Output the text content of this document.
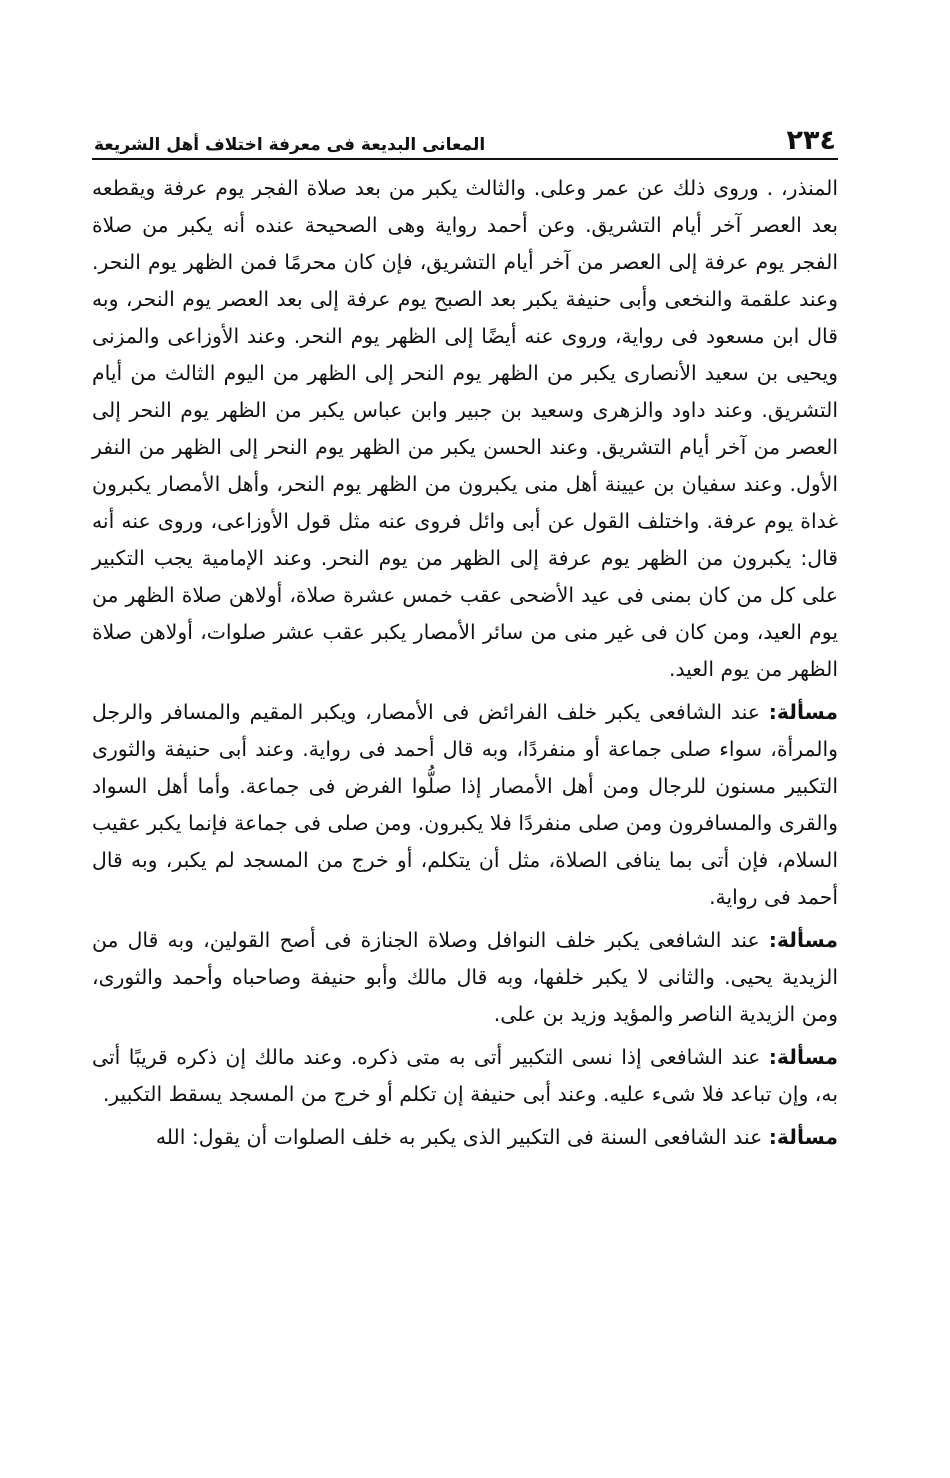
٢٣٤
المعانى البديعة فى معرفة اختلاف أهل الشريعة

المنذر، . وروى ذلك عن عمر وعلى. والثالث يكبر من بعد صلاة الفجر يوم عرفة ويقطعه بعد العصر آخر أيام التشريق. وعن أحمد رواية وهى الصحيحة عنده أنه يكبر من صلاة الفجر يوم عرفة إلى العصر من آخر أيام التشريق، فإن كان محرمًا فمن الظهر يوم النحر. وعند علقمة والنخعى وأبى حنيفة يكبر بعد الصبح يوم عرفة إلى بعد العصر يوم النحر، وبه قال ابن مسعود فى رواية، وروى عنه أيضًا إلى الظهر يوم النحر. وعند الأوزاعى والمزنى ويحيى بن سعيد الأنصارى يكبر من الظهر يوم النحر إلى الظهر من اليوم الثالث من أيام التشريق. وعند داود والزهرى وسعيد بن جبير وابن عباس يكبر من الظهر يوم النحر إلى العصر من آخر أيام التشريق. وعند الحسن يكبر من الظهر يوم النحر إلى الظهر من النفر الأول. وعند سفيان بن عيينة أهل منى يكبرون من الظهر يوم النحر، وأهل الأمصار يكبرون غداة يوم عرفة. واختلف القول عن أبى وائل فروى عنه مثل قول الأوزاعى، وروى عنه أنه قال: يكبرون من الظهر يوم عرفة إلى الظهر من يوم النحر. وعند الإمامية يجب التكبير على كل من كان بمنى فى عيد الأضحى عقب خمس عشرة صلاة، أولاهن صلاة الظهر من يوم العيد، ومن كان فى غير منى من سائر الأمصار يكبر عقب عشر صلوات، أولاهن صلاة الظهر من يوم العيد.

مسألة: عند الشافعى يكبر خلف الفرائض فى الأمصار، ويكبر المقيم والمسافر والرجل والمرأة، سواء صلى جماعة أو منفردًا، وبه قال أحمد فى رواية. وعند أبى حنيفة والثورى التكبير مسنون للرجال ومن أهل الأمصار إذا صلُّوا الفرض فى جماعة. وأما أهل السواد والقرى والمسافرون ومن صلى منفردًا فلا يكبرون. ومن صلى فى جماعة فإنما يكبر عقيب السلام، فإن أتى بما ينافى الصلاة، مثل أن يتكلم، أو خرج من المسجد لم يكبر، وبه قال أحمد فى رواية.

مسألة: عند الشافعى يكبر خلف النوافل وصلاة الجنازة فى أصح القولين، وبه قال من الزيدية يحيى. والثانى لا يكبر خلفها، وبه قال مالك وأبو حنيفة وصاحباه وأحمد والثورى، ومن الزيدية الناصر والمؤيد وزيد بن على.

مسألة: عند الشافعى إذا نسى التكبير أتى به متى ذكره. وعند مالك إن ذكره قريبًا أتى به، وإن تباعد فلا شىء عليه. وعند أبى حنيفة إن تكلم أو خرج من المسجد يسقط التكبير.

مسألة: عند الشافعى السنة فى التكبير الذى يكبر به خلف الصلوات أن يقول: الله
